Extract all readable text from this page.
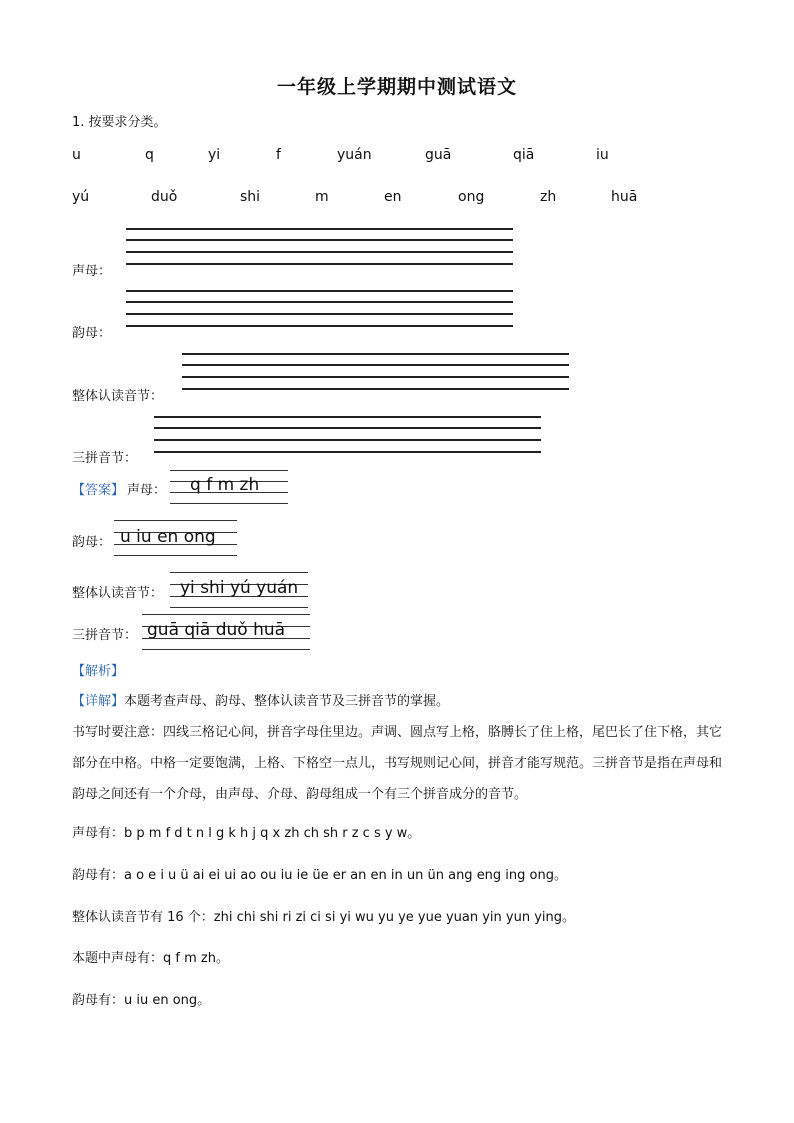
一年级上学期期中测试语文
1. 按要求分类。
u	q	yi	f	yuán	guā	qiā	iu
yú	duǒ	shi	m	en	ong	zh	huā
声母：
韵母：
整体认读音节：
三拼音节：
【答案】 声母： q f m zh
韵母： u iu en ong
整体认读音节： yi shi yú yuán
三拼音节： guā qiā duǒ huā
【解析】
【详解】本题考查声母、韵母、整体认读音节及三拼音节的掌握。
书写时要注意：四线三格记心间，拼音字母住里边。声调、圆点写上格，胳膊长了住上格，尾巴长了住下格，其它部分在中格。中格一定要饱满，上格、下格空一点儿，书写规则记心间，拼音才能写规范。三拼音节是指在声母和韵母之间还有一个介母，由声母、介母、韵母组成一个有三个拼音成分的音节。
声母有：b p m f d t n l g k h j q x zh ch sh r z c s y w。
韵母有：a o e i u ü ai ei ui ao ou iu ie üe er an en in un ün ang eng ing ong。
整体认读音节有 16 个：zhi chi shi ri zi ci si yi wu yu ye yue yuan yin yun ying。
本题中声母有：q f m zh。
韵母有：u iu en ong。
